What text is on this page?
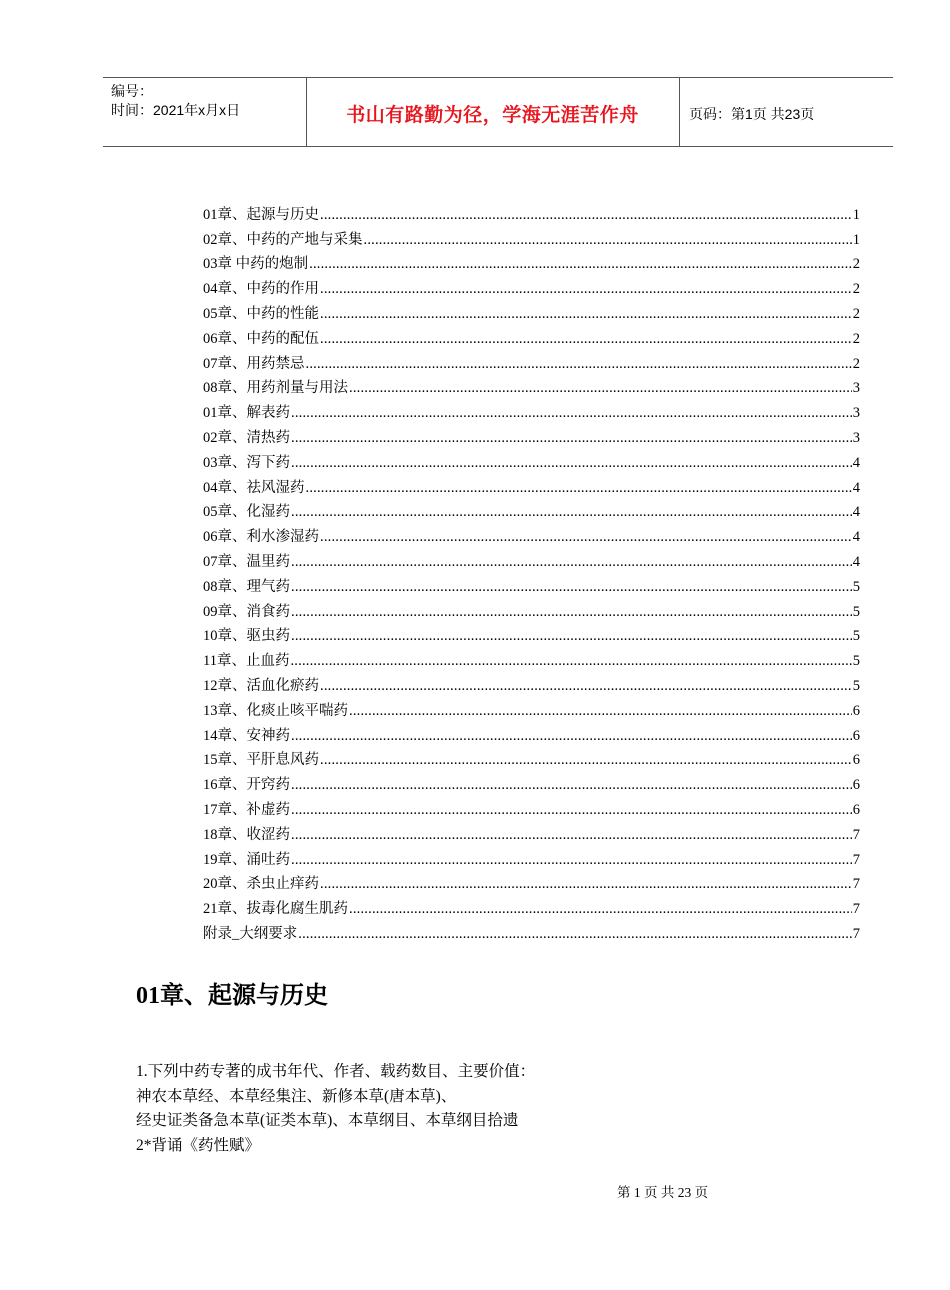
编号：
时间：2021年x月x日	书山有路勤为径，学海无涯苦作舟	页码：第1页 共23页
01章、起源与历史 .....	1
02章、中药的产地与采集 .....	1
03章 中药的炮制 .....	2
04章、中药的作用 .....	2
05章、中药的性能 .....	2
06章、中药的配伍 .....	2
07章、用药禁忌 .....	2
08章、用药剂量与用法 .....	3
01章、解表药 .....	3
02章、清热药 .....	3
03章、泻下药 .....	4
04章、祛风湿药 .....	4
05章、化湿药 .....	4
06章、利水渗湿药 .....	4
07章、温里药 .....	4
08章、理气药 .....	5
09章、消食药 .....	5
10章、驱虫药 .....	5
11章、止血药 .....	5
12章、活血化瘀药 .....	5
13章、化痰止咳平喘药 .....	6
14章、安神药 .....	6
15章、平肝息风药 .....	6
16章、开窍药 .....	6
17章、补虚药 .....	6
18章、收涩药 .....	7
19章、涌吐药 .....	7
20章、杀虫止痒药 .....	7
21章、拔毒化腐生肌药 .....	7
附录_大纲要求 .....	7
01章、起源与历史
1.下列中药专著的成书年代、作者、载药数目、主要价值：
神农本草经、本草经集注、新修本草(唐本草)、
经史证类备急本草(证类本草)、本草纲目、本草纲目拾遗
2*背诵《药性赋》
第 1 页 共 23 页
